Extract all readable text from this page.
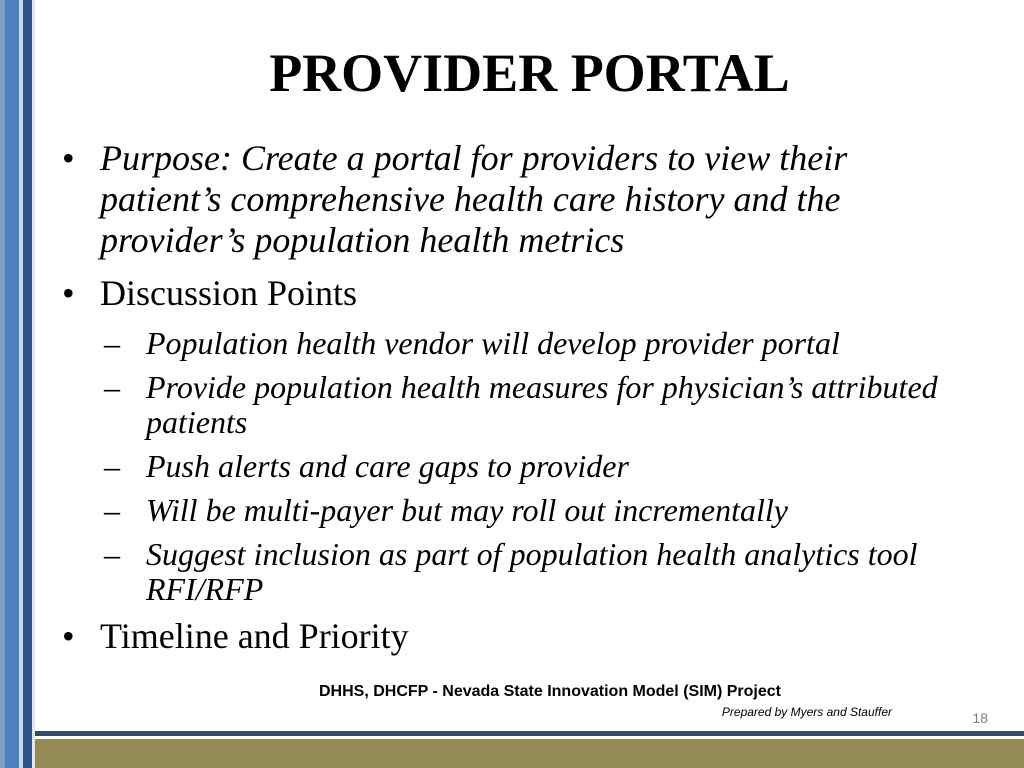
PROVIDER PORTAL
• Purpose: Create a portal for providers to view their patient’s comprehensive health care history and the provider’s population health metrics
• Discussion Points
– Population health vendor will develop provider portal
– Provide population health measures for physician’s attributed patients
– Push alerts and care gaps to provider
– Will be multi-payer but may roll out incrementally
– Suggest inclusion as part of population health analytics tool RFI/RFP
• Timeline and Priority
DHHS, DHCFP - Nevada State Innovation Model (SIM) Project
Prepared by Myers and Stauffer	18
